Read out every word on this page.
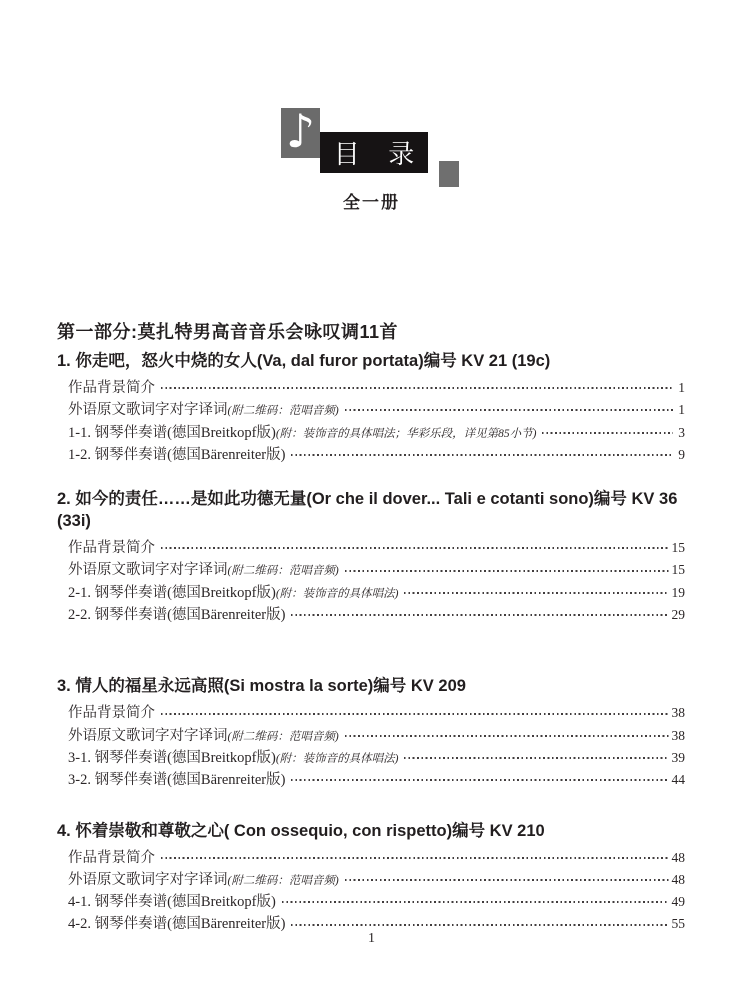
♪ 目 录
全一册
第一部分:莫扎特男高音音乐会咏叹调11首
1. 你走吧，怒火中烧的女人(Va, dal furor portata)编号 KV 21 (19c)
作品背景简介	1
外语原文歌词字对字译词 (附二维码：范唱音频)	1
1-1. 钢琴伴奏谱(德国Breitkopf版) (附：装饰音的具体唱法；华彩乐段，详见第85小节)	3
1-2. 钢琴伴奏谱(德国Bärenreiter版)	9
2. 如今的责任……是如此功德无量(Or che il dover... Tali e cotanti sono)编号 KV 36 (33i)
作品背景简介	15
外语原文歌词字对字译词 (附二维码：范唱音频)	15
2-1. 钢琴伴奏谱(德国Breitkopf版) (附：装饰音的具体唱法)	19
2-2. 钢琴伴奏谱(德国Bärenreiter版)	29
3. 情人的福星永远高照(Si mostra la sorte)编号 KV 209
作品背景简介	38
外语原文歌词字对字译词 (附二维码：范唱音频)	38
3-1. 钢琴伴奏谱(德国Breitkopf版) (附：装饰音的具体唱法)	39
3-2. 钢琴伴奏谱(德国Bärenreiter版)	44
4. 怀着崇敬和尊敬之心( Con ossequio, con rispetto)编号 KV 210
作品背景简介	48
外语原文歌词字对字译词 (附二维码：范唱音频)	48
4-1. 钢琴伴奏谱(德国Breitkopf版)	49
4-2. 钢琴伴奏谱(德国Bärenreiter版)	55
1
